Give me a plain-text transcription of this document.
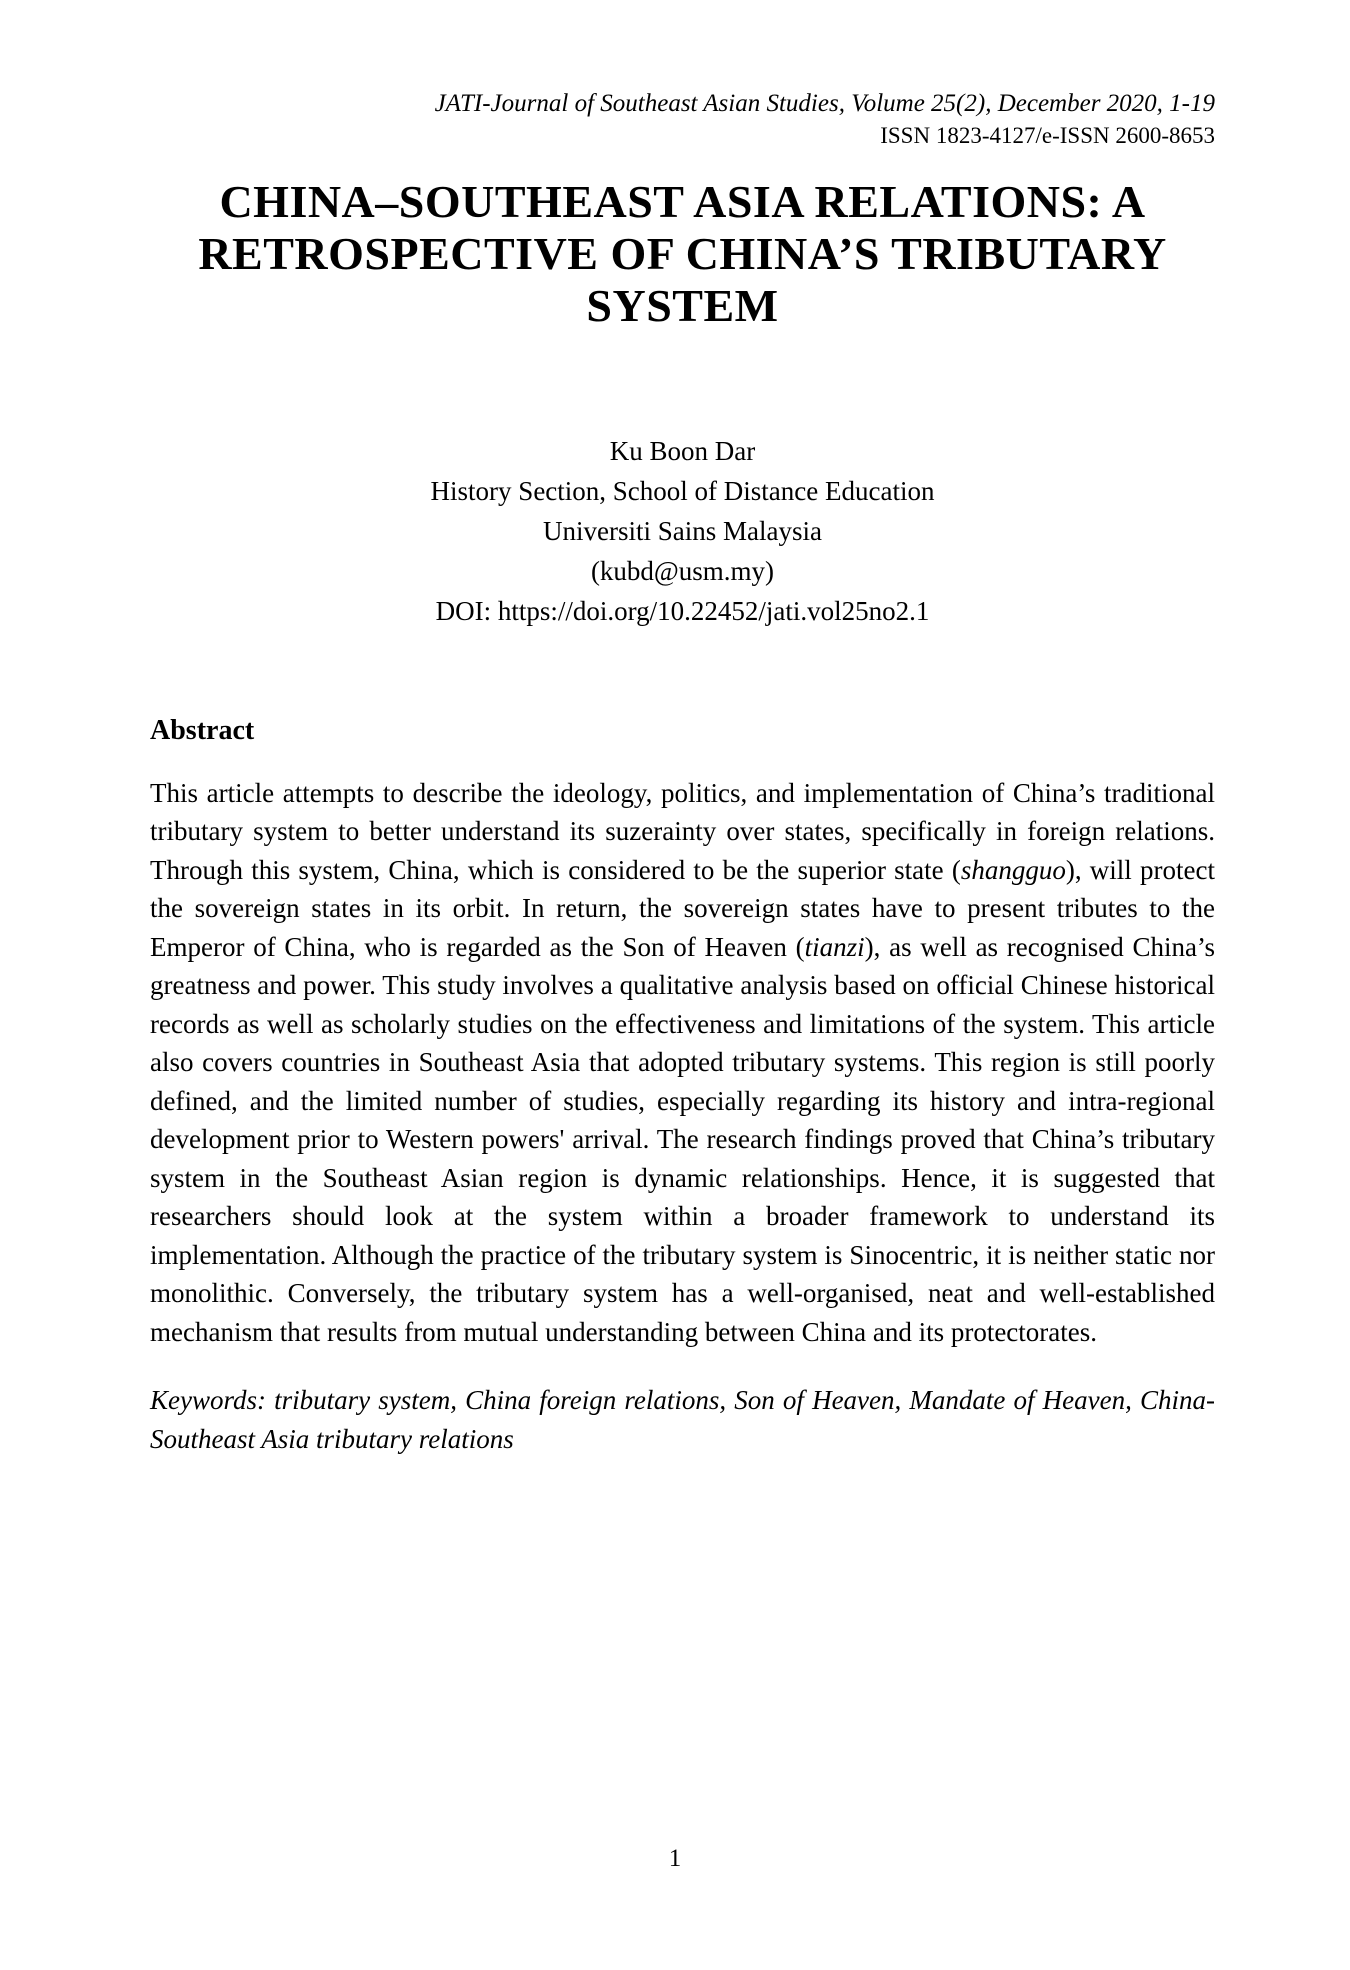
JATI-Journal of Southeast Asian Studies, Volume 25(2), December 2020, 1-19
ISSN 1823-4127/e-ISSN 2600-8653
CHINA–SOUTHEAST ASIA RELATIONS: A
RETROSPECTIVE OF CHINA’S TRIBUTARY
SYSTEM
Ku Boon Dar
History Section, School of Distance Education
Universiti Sains Malaysia
(kubd@usm.my)
DOI: https://doi.org/10.22452/jati.vol25no2.1
Abstract
This article attempts to describe the ideology, politics, and implementation of China’s traditional tributary system to better understand its suzerainty over states, specifically in foreign relations. Through this system, China, which is considered to be the superior state (shangguo), will protect the sovereign states in its orbit. In return, the sovereign states have to present tributes to the Emperor of China, who is regarded as the Son of Heaven (tianzi), as well as recognised China’s greatness and power. This study involves a qualitative analysis based on official Chinese historical records as well as scholarly studies on the effectiveness and limitations of the system. This article also covers countries in Southeast Asia that adopted tributary systems. This region is still poorly defined, and the limited number of studies, especially regarding its history and intra-regional development prior to Western powers' arrival. The research findings proved that China’s tributary system in the Southeast Asian region is dynamic relationships. Hence, it is suggested that researchers should look at the system within a broader framework to understand its implementation. Although the practice of the tributary system is Sinocentric, it is neither static nor monolithic. Conversely, the tributary system has a well-organised, neat and well-established mechanism that results from mutual understanding between China and its protectorates.
Keywords: tributary system, China foreign relations, Son of Heaven, Mandate of Heaven, China-Southeast Asia tributary relations
1
